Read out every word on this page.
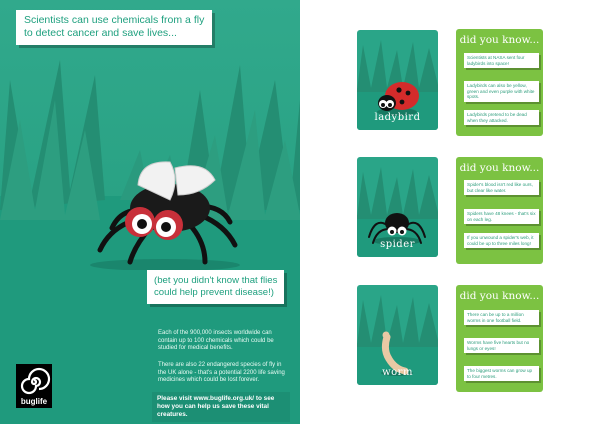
Scientists can use chemicals from a fly
to detect cancer and save lives...
(bet you didn't know that flies
could help prevent disease!)
Each of the 900,000 insects worldwide can contain up to 100 chemicals which could be studied for medical benefits.
There are also 22 endangered species of fly in the UK alone - that's a potential 2200 life saving medicines which could be lost forever.
Please visit www.buglife.org.uk/ to see how you can help us save these vital creatures.
buglife
ladybird
spider
worm
did you know...
Scientists at NASA sent four ladybirds into space!
Ladybirds can also be yellow, green and even purple with white spots.
Ladybirds pretend to be dead when they attacked.
did you know...
Spider's blood isn't red like ours, but clear like water.
Spiders have 48 knees - that's six on each leg.
If you unwound a spider's web, it could be up to three miles long!
did you know...
There can be up to a million worms in one football field.
Worms have five hearts but no lungs or eyes!
The biggest worms can grow up to four metres.
